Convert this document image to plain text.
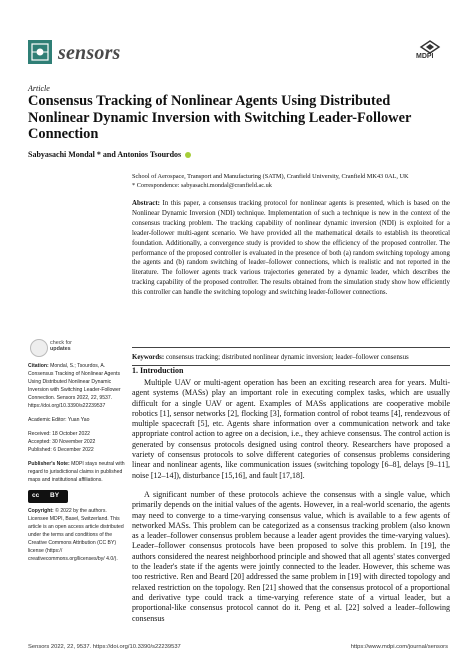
sensors	MDPI
Article
Consensus Tracking of Nonlinear Agents Using Distributed Nonlinear Dynamic Inversion with Switching Leader-Follower Connection
Sabyasachi Mondal * and Antonios Tsourdos
School of Aerospace, Transport and Manufacturing (SATM), Cranfield University, Cranfield MK43 0AL, UK
* Correspondence: sabyasachi.mondal@cranfield.ac.uk
Abstract: In this paper, a consensus tracking protocol for nonlinear agents is presented, which is based on the Nonlinear Dynamic Inversion (NDI) technique. Implementation of such a technique is new in the context of the consensus tracking problem. The tracking capability of nonlinear dynamic inversion (NDI) is exploited for a leader-follower multi-agent scenario. We have provided all the mathematical details to establish its theoretical foundation. Additionally, a convergence study is provided to show the efficiency of the proposed controller. The performance of the proposed controller is evaluated in the presence of both (a) random switching topology among the agents and (b) random switching of leader–follower connections, which is realistic and not reported in the literature. The follower agents track various trajectories generated by a dynamic leader, which describes the tracking capability of the proposed controller. The results obtained from the simulation study show how efficiently this controller can handle the switching topology and switching leader-follower connections.
Keywords: consensus tracking; distributed nonlinear dynamic inversion; leader–follower consensus
check for
updates

Citation: Mondal, S.; Tsourdos, A. Consensus Tracking of Nonlinear Agents Using Distributed Nonlinear Dynamic Inversion with Switching Leader-Follower Connection. Sensors 2022, 22, 9537. https://doi.org/10.3390/s22239537

Academic Editor: Yuan Yao

Received: 18 October 2022

Accepted: 30 November 2022

Published: 6 December 2022

Publisher's Note: MDPI stays neutral with regard to jurisdictional claims in published maps and institutional affiliations.

cc BY

Copyright: © 2022 by the authors. Licensee MDPI, Basel, Switzerland. This article is an open access article distributed under the terms and conditions of the Creative Commons Attribution (CC BY) license (https:// creativecommons.org/licenses/by/ 4.0/).

1. Introduction
Multiple UAV or multi-agent operation has been an exciting research area for years. Multi-agent systems (MASs) play an important role in executing complex tasks, which are usually difficult for a single UAV or agent. Examples of MASs applications are cooperative mobile robotics [1], sensor networks [2], flocking [3], formation control of robot teams [4], rendezvous of multiple spacecraft [5], etc. Agents share information over a communication network and take appropriate control action to agree on a decision, i.e., they achieve consensus. The control action is generated by consensus protocols designed using control theory. Researchers have proposed a variety of consensus protocols to solve different categories of consensus problems considering linear and nonlinear agents, like communication issues (switching topology [6–8], delays [9–11], noise [12–14]), disturbance [15,16], and fault [17,18].
A significant number of these protocols achieve the consensus with a single value, which primarily depends on the initial values of the agents. However, in a real-world scenario, the agents may need to converge to a time-varying consensus value, which is available to a few agents of networked MASs. This problem can be categorized as a consensus tracking problem (also known as a leader–follower consensus problem because a leader agent provides the time-varying values). Leader–follower consensus protocols have been proposed to solve this problem. In [19], the authors considered the nearest neighborhood principle and showed that all agents' states converged to the leader's state if the agents were jointly connected to the leader. However, this scheme was too restrictive. Ren and Beard [20] addressed the same problem in [19] with directed topology and relaxed restriction on the topology. Ren [21] showed that the consensus protocol of a proportional and derivative type could track a time-varying reference state of a virtual leader, but a proportional-like consensus protocol cannot do it. Peng et al. [22] solved a leader–following consensus
Sensors 2022, 22, 9537. https://doi.org/10.3390/s22239537	https://www.mdpi.com/journal/sensors
